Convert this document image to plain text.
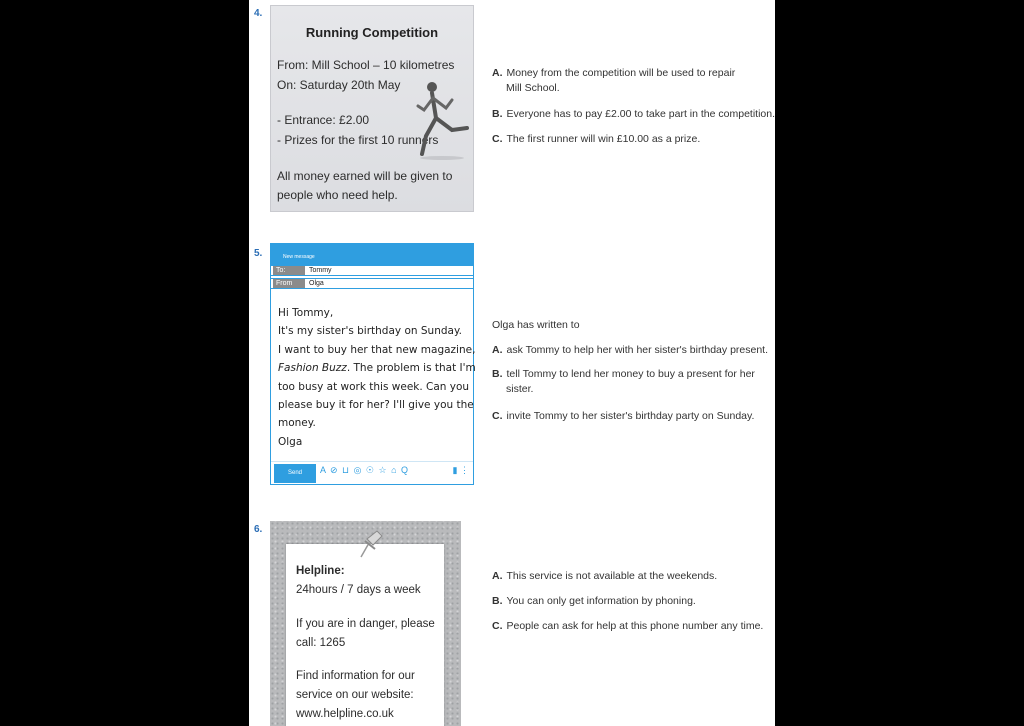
4.
Running Competition
From: Mill School – 10 kilometres
On: Saturday 20th May
- Entrance: £2.00
- Prizes for the first 10 runners
All money earned will be given to
people who need help.
A. Money from the competition will be used to repair
Mill School.
B. Everyone has to pay £2.00 to take part in the competition.
C. The first runner will win £10.00 as a prize.
5.	New message
To:	Tommy
From	Olga
Hi Tommy,
It's my sister's birthday on Sunday.
I want to buy her that new magazine,
Fashion Buzz. The problem is that I'm
too busy at work this week. Can you
please buy it for her? I'll give you the
money.
Olga
Send	A ⊘ ⊔ ◎ ☉ ☆ ⌂ Q	▮ ⋮
Olga has written to
A. ask Tommy to help her with her sister's birthday present.
B. tell Tommy to lend her money to buy a present for her
sister.
C. invite Tommy to her sister's birthday party on Sunday.
6.
Helpline:
24hours / 7 days a week
If you are in danger, please
call: 1265
Find information for our
service on our website:
www.helpline.co.uk
A. This service is not available at the weekends.
B. You can only get information by phoning.
C. People can ask for help at this phone number any time.
